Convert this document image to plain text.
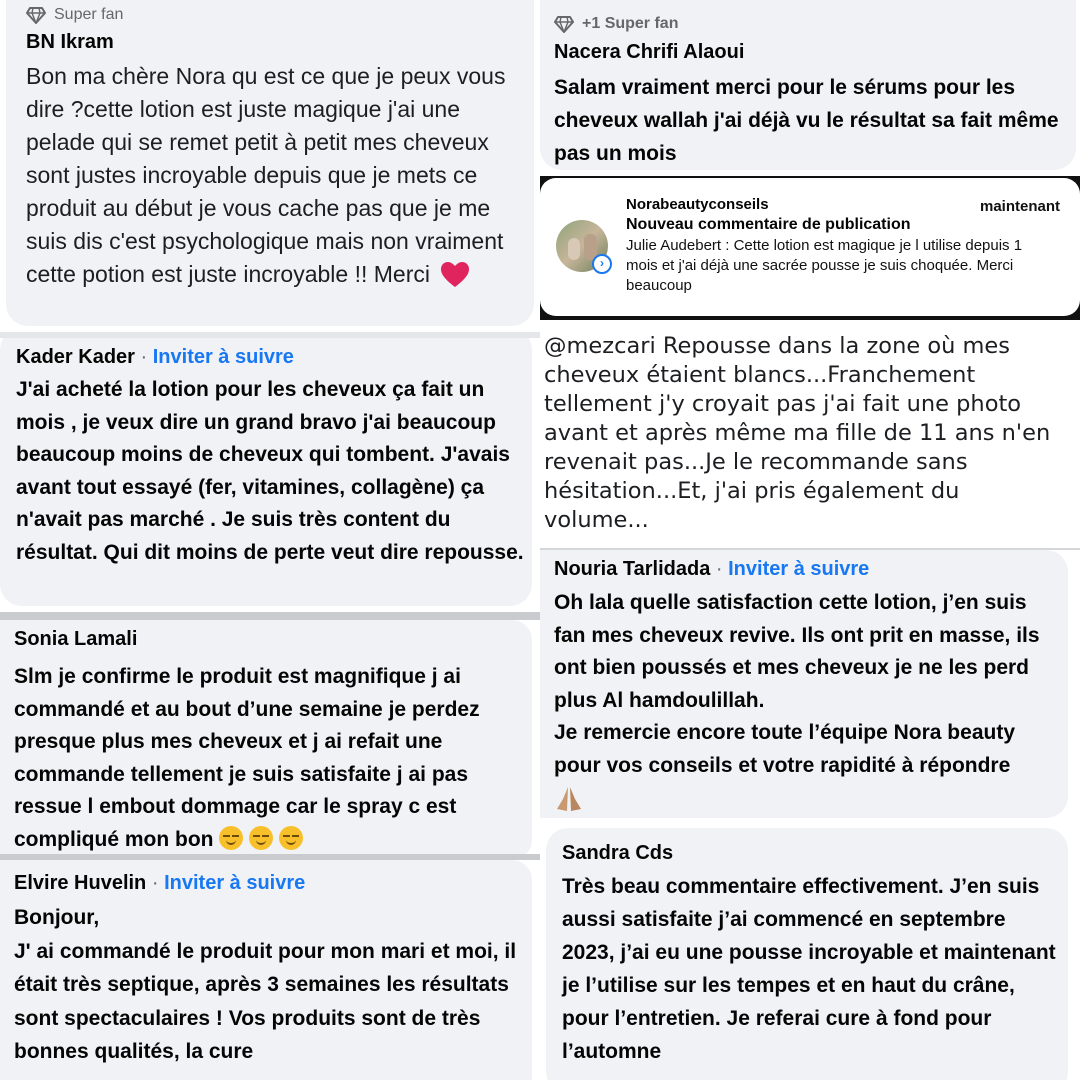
Super fan
BN Ikram
Bon ma chère Nora qu est ce que je peux vous dire ?cette lotion est juste magique j'ai une pelade qui se remet petit à petit mes cheveux sont justes incroyable depuis que je mets ce produit au début je vous cache pas que je me suis dis c'est psychologique mais non vraiment cette potion est juste incroyable !! Merci
Kader Kader · Inviter à suivre
J'ai acheté la lotion pour les cheveux ça fait un mois , je veux dire un grand bravo j'ai beaucoup beaucoup moins de cheveux qui tombent. J'avais avant tout essayé (fer, vitamines, collagène) ça n'avait pas marché . Je suis très content du résultat. Qui dit moins de perte veut dire repousse.
Sonia Lamali
Slm je confirme le produit est magnifique j ai commandé et au bout d’une semaine je perdez presque plus mes cheveux et j ai refait une commande tellement je suis satisfaite j ai pas ressue l embout dommage car le spray c est compliqué mon bon
Elvire Huvelin · Inviter à suivre
Bonjour,
J' ai commandé le produit pour mon mari et moi, il était très septique, après 3 semaines les résultats sont spectaculaires ! Vos produits sont de très bonnes qualités, la cure
+1 Super fan
Nacera Chrifi Alaoui
Salam vraiment merci pour le sérums pour les cheveux wallah j'ai déjà vu le résultat sa fait même pas un mois
›
Norabeautyconseils	maintenant
Nouveau commentaire de publication
Julie Audebert : Cette lotion est magique je l utilise depuis 1 mois et j'ai déjà une sacrée pousse je suis choquée. Merci beaucoup
@mezcari Repousse dans la zone où mes cheveux étaient blancs...Franchement tellement j'y croyait pas j'ai fait une photo avant et après même ma fille de 11 ans n'en revenait pas...Je le recommande sans hésitation...Et, j'ai pris également du volume...
Nouria Tarlidada · Inviter à suivre
Oh lala quelle satisfaction cette lotion, j’en suis fan mes cheveux revive. Ils ont prit en masse, ils ont bien poussés et mes cheveux je ne les perd plus Al hamdoulillah.
Je remercie encore toute l’équipe Nora beauty pour vos conseils et votre rapidité à répondre
Sandra Cds
Très beau commentaire effectivement. J’en suis aussi satisfaite j’ai commencé en septembre 2023, j’ai eu une pousse incroyable et maintenant je l’utilise sur les tempes et en haut du crâne, pour l’entretien. Je referai cure à fond pour l’automne
